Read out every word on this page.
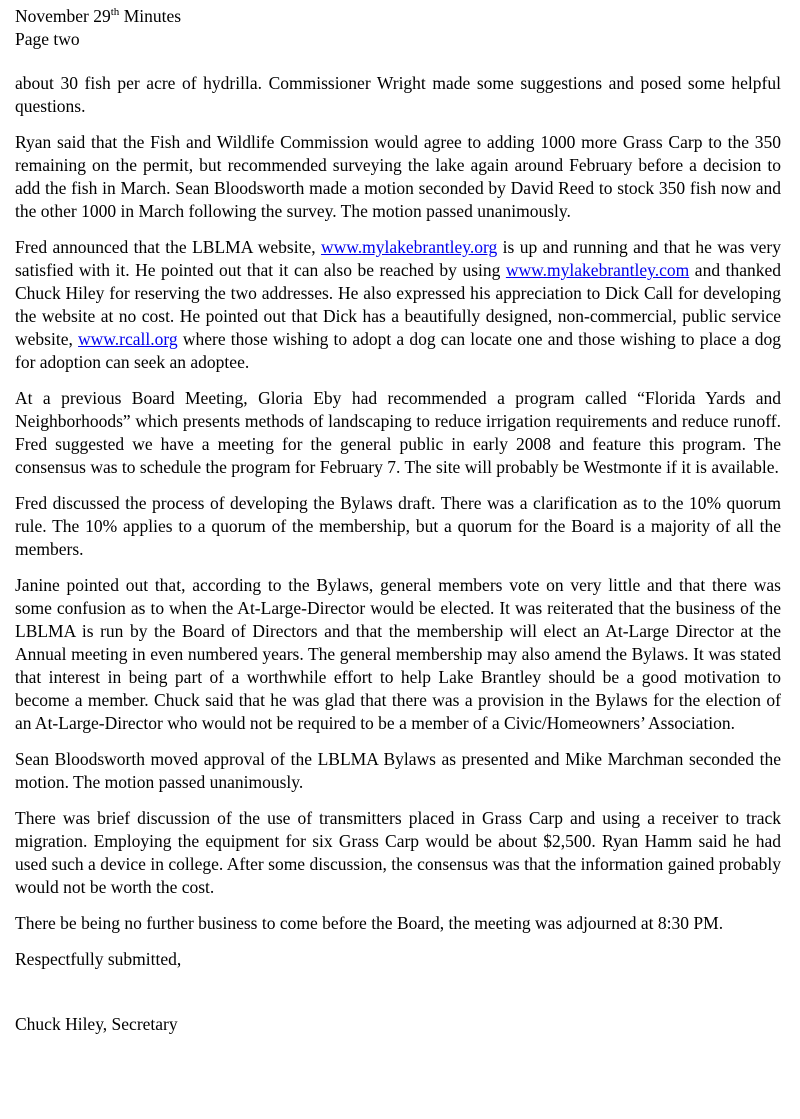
November 29th Minutes
Page two

about 30 fish per acre of hydrilla. Commissioner Wright made some suggestions and posed some helpful questions.

Ryan said that the Fish and Wildlife Commission would agree to adding 1000 more Grass Carp to the 350 remaining on the permit, but recommended surveying the lake again around February before a decision to add the fish in March. Sean Bloodsworth made a motion seconded by David Reed to stock 350 fish now and the other 1000 in March following the survey. The motion passed unanimously.

Fred announced that the LBLMA website, www.mylakebrantley.org is up and running and that he was very satisfied with it. He pointed out that it can also be reached by using www.mylakebrantley.com and thanked Chuck Hiley for reserving the two addresses. He also expressed his appreciation to Dick Call for developing the website at no cost. He pointed out that Dick has a beautifully designed, non-commercial, public service website, www.rcall.org where those wishing to adopt a dog can locate one and those wishing to place a dog for adoption can seek an adoptee.

At a previous Board Meeting, Gloria Eby had recommended a program called “Florida Yards and Neighborhoods” which presents methods of landscaping to reduce irrigation requirements and reduce runoff. Fred suggested we have a meeting for the general public in early 2008 and feature this program. The consensus was to schedule the program for February 7. The site will probably be Westmonte if it is available.

Fred discussed the process of developing the Bylaws draft. There was a clarification as to the 10% quorum rule. The 10% applies to a quorum of the membership, but a quorum for the Board is a majority of all the members.

Janine pointed out that, according to the Bylaws, general members vote on very little and that there was some confusion as to when the At-Large-Director would be elected. It was reiterated that the business of the LBLMA is run by the Board of Directors and that the membership will elect an At-Large Director at the Annual meeting in even numbered years. The general membership may also amend the Bylaws. It was stated that interest in being part of a worthwhile effort to help Lake Brantley should be a good motivation to become a member. Chuck said that he was glad that there was a provision in the Bylaws for the election of an At-Large-Director who would not be required to be a member of a Civic/Homeowners’ Association.

Sean Bloodsworth moved approval of the LBLMA Bylaws as presented and Mike Marchman seconded the motion. The motion passed unanimously.

There was brief discussion of the use of transmitters placed in Grass Carp and using a receiver to track migration. Employing the equipment for six Grass Carp would be about $2,500. Ryan Hamm said he had used such a device in college. After some discussion, the consensus was that the information gained probably would not be worth the cost.

There be being no further business to come before the Board, the meeting was adjourned at 8:30 PM.

Respectfully submitted,

Chuck Hiley, Secretary
